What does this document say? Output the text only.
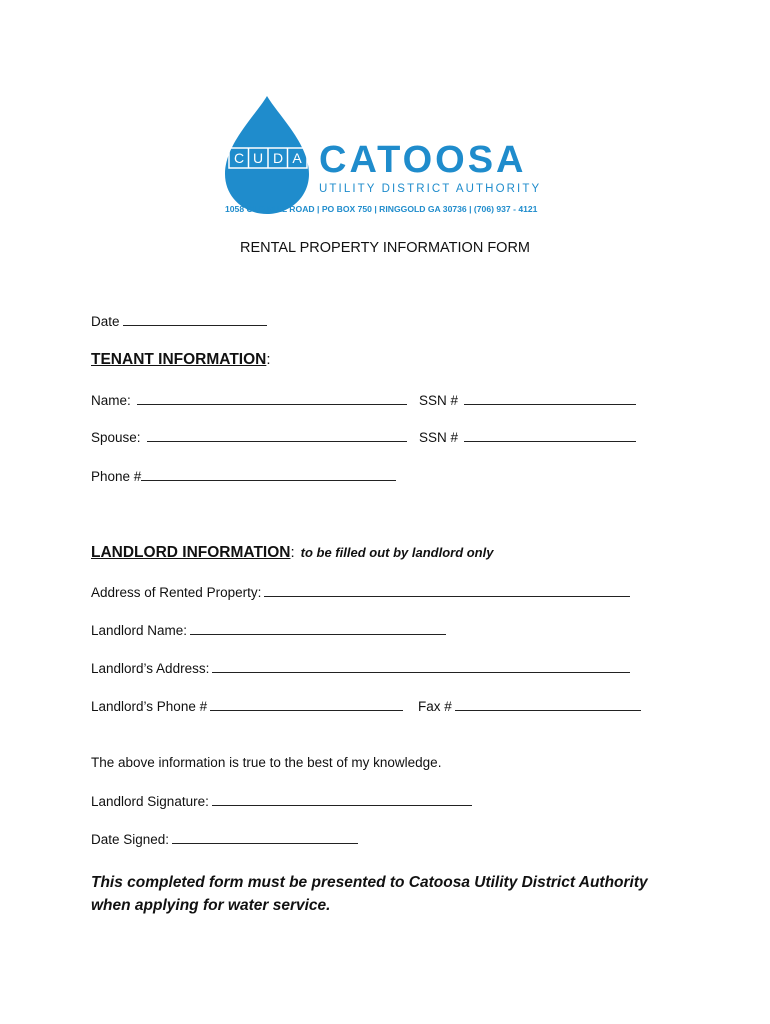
C U D A CATOOSA
UTILITY DISTRICT AUTHORITY
1058 OLD MILL ROAD | PO BOX 750 | RINGGOLD GA 30736 | (706) 937 - 4121
RENTAL PROPERTY INFORMATION FORM
Date
TENANT INFORMATION:
Name:	SSN #
Spouse:	SSN #
Phone #
LANDLORD INFORMATION: to be filled out by landlord only
Address of Rented Property:
Landlord Name:
Landlord’s Address:
Landlord’s Phone #	Fax #
The above information is true to the best of my knowledge.
Landlord Signature:
Date Signed:
This completed form must be presented to Catoosa Utility District Authority
when applying for water service.
